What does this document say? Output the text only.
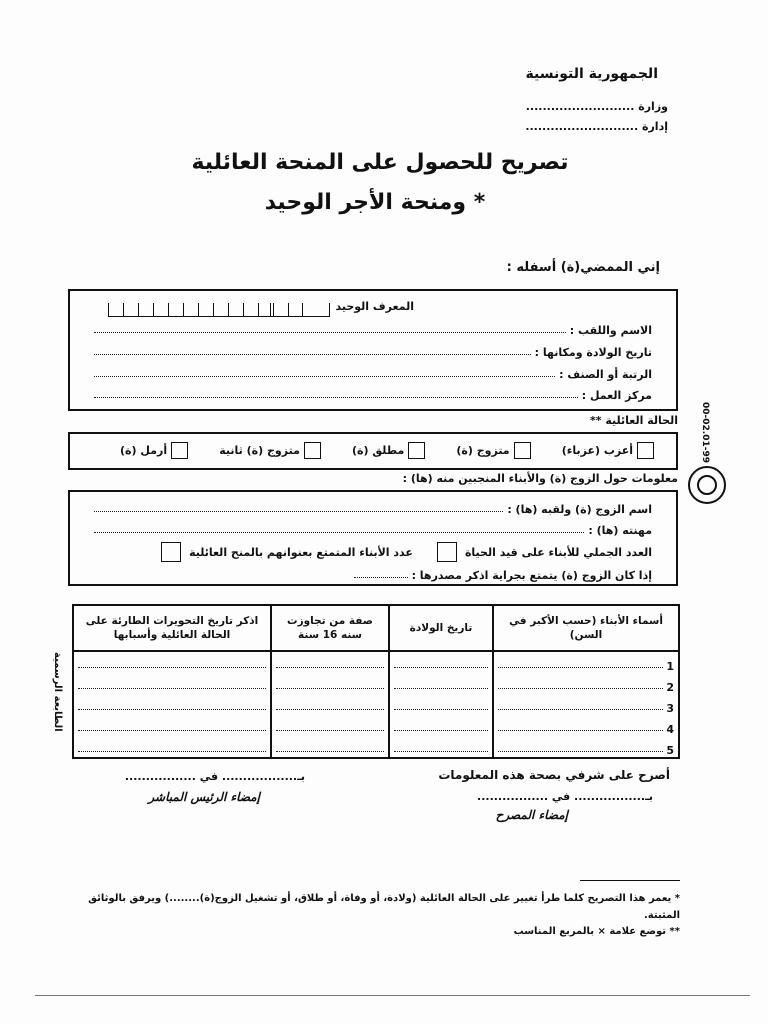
الجمهورية التونسية
وزارة ..........................
إدارة ...........................
تصريح للحصول على المنحة العائلية
ومنحة الأجر الوحيد *
إني الممضي(ة) أسفله :
المعرف الوحيد
الاسم واللقب :
تاريخ الولادة ومكانها :
الرتبة أو الصنف :
مركز العمل :
الحالة العائلية **
أعزب (عزباء)
متزوج (ة)
مطلق (ة)
متزوج (ة) ثانية
أرمل (ة)
معلومات حول الزوج (ة) والأبناء المنجبين منه (ها) :
اسم الزوج (ة) ولقبه (ها) :
مهنته (ها) :
العدد الجملي للأبناء على قيد الحياة
عدد الأبناء المتمتع بعنوانهم بالمنح العائلية
إذا كان الزوج (ة) يتمتع بجراية اذكر مصدرها :
أسماء الأبناء (حسب الأكبر في السن)	تاريخ الولادة	صفة من تجاوزت سنه 16 سنة	اذكر تاريخ التحويرات الطارئة على الحالة العائلية وأسبابها

1			

2			

3			

4			

5			

الطابعة الرسمية
00-02.01-99
أصرح على شرفي بصحة هذه المعلومات
بـ................. في .................
إمضاء المصرح
بـ.................. في .................
إمضاء الرئيس المباشر
* يعمر هذا التصريح كلما طرأ تغيير على الحالة العائلية (ولادة، أو وفاة، أو طلاق، أو تشغيل الزوج(ة)........) ويرفق بالوثائق المثبتة.
** توضع علامة × بالمربع المناسب
